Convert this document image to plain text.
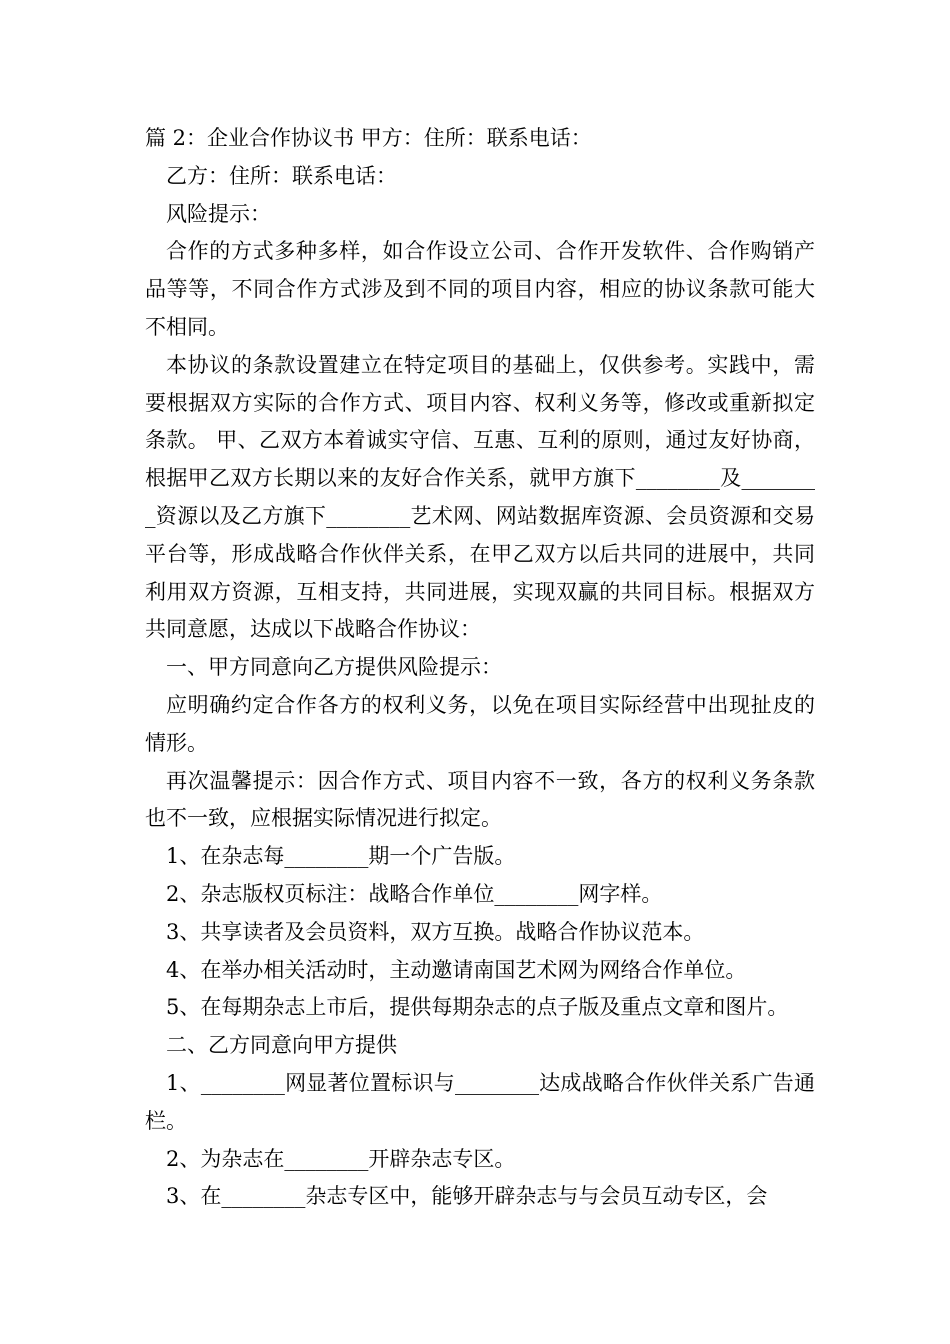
篇 2：企业合作协议书 甲方：住所：联系电话：

乙方：住所：联系电话：

风险提示：

合作的方式多种多样，如合作设立公司、合作开发软件、合作购销产品等等，不同合作方式涉及到不同的项目内容，相应的协议条款可能大不相同。

本协议的条款设置建立在特定项目的基础上，仅供参考。实践中，需要根据双方实际的合作方式、项目内容、权利义务等，修改或重新拟定条款。 甲、乙双方本着诚实守信、互惠、互利的原则，通过友好协商，根据甲乙双方长期以来的友好合作关系，就甲方旗下________及________资源以及乙方旗下________艺术网、网站数据库资源、会员资源和交易平台等，形成战略合作伙伴关系，在甲乙双方以后共同的进展中，共同利用双方资源，互相支持，共同进展，实现双赢的共同目标。根据双方共同意愿，达成以下战略合作协议：

一、甲方同意向乙方提供风险提示：

应明确约定合作各方的权利义务，以免在项目实际经营中出现扯皮的情形。

再次温馨提示：因合作方式、项目内容不一致，各方的权利义务条款也不一致，应根据实际情况进行拟定。

1、在杂志每________期一个广告版。

2、杂志版权页标注：战略合作单位________网字样。

3、共享读者及会员资料，双方互换。战略合作协议范本。

4、在举办相关活动时，主动邀请南国艺术网为网络合作单位。

5、在每期杂志上市后，提供每期杂志的点子版及重点文章和图片。

二、乙方同意向甲方提供

1、________网显著位置标识与________达成战略合作伙伴关系广告通栏。

2、为杂志在________开辟杂志专区。

3、在________杂志专区中，能够开辟杂志与与会员互动专区，会
